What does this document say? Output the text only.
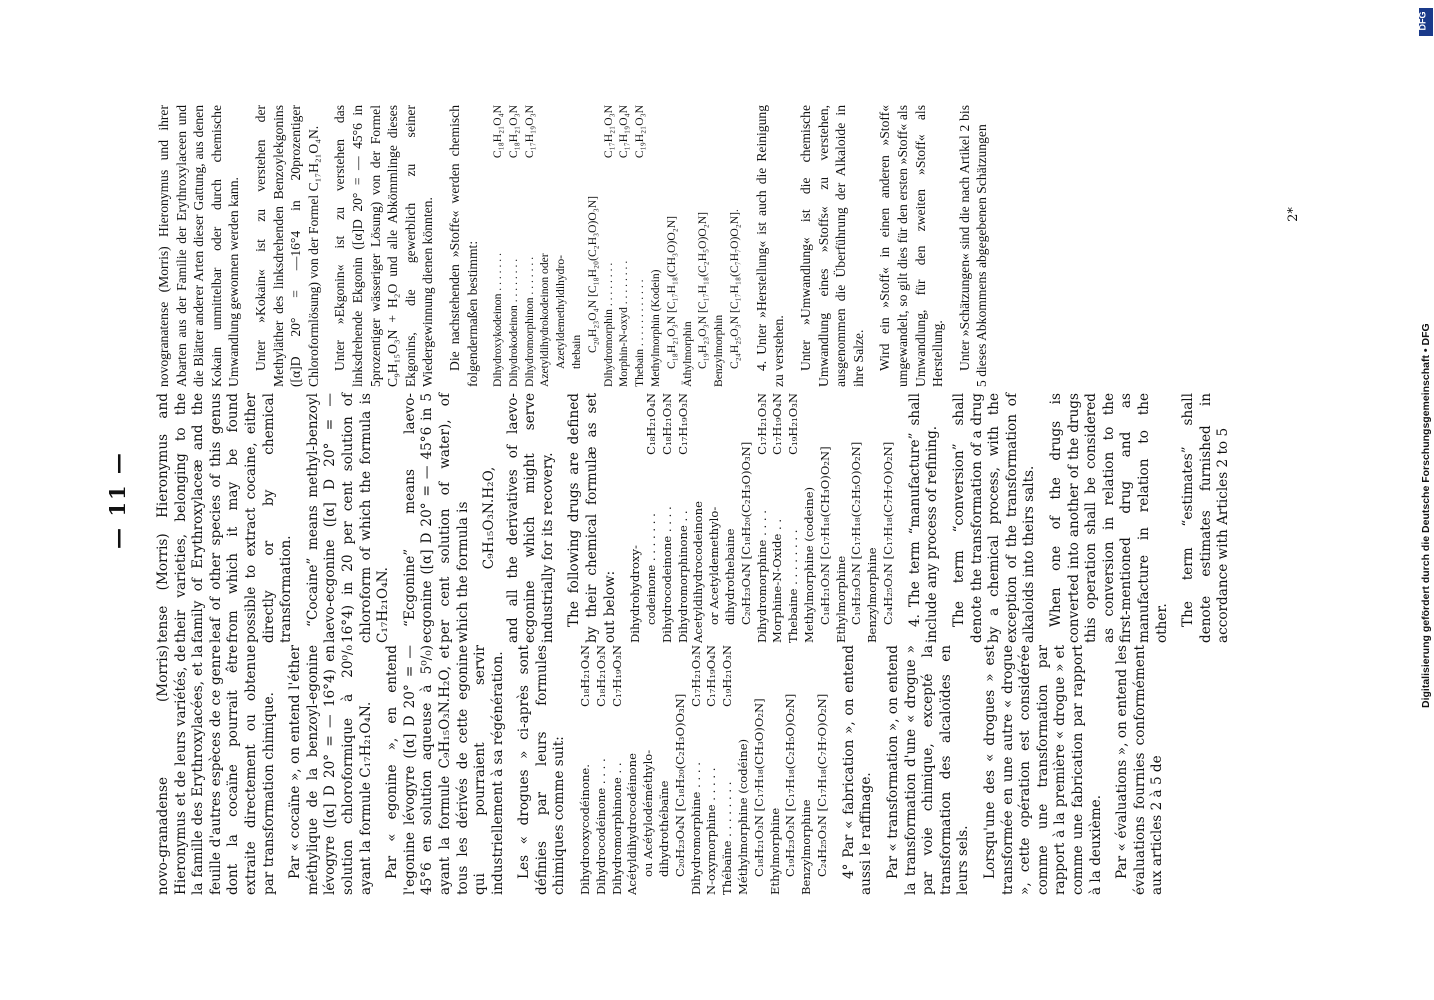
— 11 —

novo-granadense (Morris) Hieronymus et de leurs variétés, de la famille des Erythroxylacées, et la feuille d'autres espèces de ce genre dont la cocaïne pourrait être extraite directement ou obtenue par transformation chimique. Par « cocaïne », on entend l'éther méthylique de la benzoyl-egonine lévogyre ([α] D 20° = — 16°4) en solution chloroformique à 20⁰/₀ ayant la formule C₁₇H₂₁O₄N. Par « egonine », en entend l'egonine lévogyre ([α] D 20° = — 45°6 en solution aqueuse à 5⁰/₀) ayant la formule C₉H₁₅O₃N.H₂O, et tous les dérivés de cette egonine qui pourraient servir industriellement à sa régénération. Les « drogues » ci-après sont définies par leurs formules chimiques comme suit: Dihydrooxycodéinone.
C₁₈H₂₁O₄N
Dihydrocodéinone . . . .
C₁₈H₂₁O₃N
Dihydromorphinone . .
C₁₇H₁₉O₃N
Acétyldihydrocodéinone ou Acétylodéméthylo- dihydrothébaïne C₂₀H₂₃O₄N [C₁₈H₂₀(C₂H₃O)O₃N] Dihydromorphine . . . .
C₁₇H₂₁O₃N
N-oxymorphine . . . . .
C₁₇H₁₉O₄N
Thébaïne . . . . . . . .
C₁₉H₂₁O₃N
Méthylmorphine (codéine) C₁₈H₂₁O₃N [C₁₇H₁₈(CH₃O)O₂N] Ethylmorphine C₁₉H₂₃O₃N [C₁₇H₁₈(C₂H₅O)O₂N] Benzylmorphine C₂₄H₂₅O₃N [C₁₇H₁₈(C₇H₇O)O₂N] 4° Par « fabrication », on entend aussi le raffinage. Par « transformation », on entend la transformation d'une « drogue » par voie chimique, excepté la transformation des alcaloïdes en leurs sels. Lorsqu'une des « drogues » est transformée en une autre « drogue », cette opération est considérée comme une transformation par rapport à la première « drogue » et comme une fabrication par rapport à la deuxième. Par « évaluations », on entend les évaluations fournies conformément aux articles 2 à 5 de

tense (Morris) Hieronymus and their varieties, belonging to the family of Erythroxylaceæ and the leaf of other species of this genus from which it may be found possible to extract cocaine, either directly or by chemical transformation. “Cocaine” means methyl-benzoyl laevo-ecgonine ([α] D 20° = — 16°4) in 20 per cent solution of chloroform of which the formula is C₁₇H₂₁O₄N. “Ecgonine” means laevo-ecgonine ([α] D 20° = — 45°6 in 5 per cent solution of water), of which the formula is C₉H₁₅O₃N.H₂O, and all the derivatives of laevo-ecgonine which might serve industrially for its recovery. The following drugs are defined by their chemical formulæ as set out below: Dihydrohydroxy- codeinone . . . . . . .
C₁₈H₂₁O₄N
Dihydrocodeinone . . . .
C₁₈H₂₁O₃N
Dihydromorphinone . .
C₁₇H₁₉O₃N
Acetyldihydrocodeinone or Acetyldemethylo- dihydrothebaine C₂₀H₂₃O₄N [C₁₈H₂₀(C₂H₃O)O₃N] Dihydromorphine . . . .
C₁₇H₂₁O₃N
Morphine-N-Oxide . .
C₁₇H₁₉O₄N
Thebaine . . . . . . . .
C₁₉H₂₁O₃N
Methylmorphine (codeine) C₁₈H₂₁O₃N [C₁₇H₁₈(CH₃O)O₂N] Ethylmorphine C₁₉H₂₃O₃N [C₁₇H₁₈(C₂H₅O)O₂N] Benzylmorphine C₂₄H₂₅O₃N [C₁₇H₁₈(C₇H₇O)O₂N] 4. The term “manufacture” shall include any process of refining. The term “conversion” shall denote the transformation of a drug by a chemical process, with the exception of the transformation of alkaloids into theirs salts. When one of the drugs is converted into another of the drugs this operation shall be considered as conversion in relation to the first-mentioned drug and as manufacture in relation to the other. The term “estimates” shall denote estimates furnished in accordance with Articles 2 to 5

novogranatense (Morris) Hieronymus und ihrer Abarten aus der Familie der Erythroxylaceen und die Blätter anderer Arten dieser Gattung, aus denen Kokain unmittelbar oder durch chemische Umwandlung gewonnen werden kann. Unter »Kokain« ist zu verstehen der Methyläther des linksdrehenden Benzoylekgonins ([α]D 20° = —16°4 in 20prozentiger Chloroformlösung) von der Formel C₁₇H₂₁O₄N. Unter »Ekgonin« ist zu verstehen das linksdrehende Ekgonin ([α]D 20° = — 45°6 in 5prozentiger wässeriger Lösung) von der Formel C₉H₁₅O₃N + H₂O und alle Abkömmlinge dieses Ekgonins, die gewerblich zu seiner Wiedergewinnung dienen könnten. Die nachstehenden »Stoffe« werden chemisch folgendermaßen bestimmt: Dihydroxykodeinon . . . . . . .
C₁₈H₂₁O₄N
Dihydrokodeinon . . . . . . . .
C₁₈H₂₁O₃N
Dihydromorphinon . . . . . . .
C₁₇H₁₉O₃N
Azetyldihydrokodeinon oder Azetyldemethyldihydro- thebain C₂₀H₂₃O₄N [C₁₈H₂₀(C₂H₃O)O₃N] Dihydromorphin . . . . . . . .
C₁₇H₂₁O₃N
Morphin-N-oxyd . . . . . . . .
C₁₇H₁₉O₄N
Thebain . . . . . . . . . . . .
C₁₉H₂₁O₃N
Methylmorphin (Kodein) C₁₈H₂₁O₃N [C₁₇H₁₈(CH₃O)O₂N] Äthylmorphin C₁₉H₂₃O₃N [C₁₇H₁₈(C₂H₅O)O₂N] Benzylmorphin C₂₄H₂₅O₃N [C₁₇H₁₈(C₇H₇O)O₂N]. 4. Unter »Herstellung« ist auch die Reinigung zu verstehen. Unter »Umwandlung« ist die chemische Umwandlung eines »Stoffs« zu verstehen, ausgenommen die Überführung der Alkaloide in ihre Salze. Wird ein »Stoff« in einen anderen »Stoff« umgewandelt, so gilt dies für den ersten »Stoff« als Umwandlung, für den zweiten »Stoff« als Herstellung. Unter »Schätzungen« sind die nach Artikel 2 bis 5 dieses Abkommens abgegebenen Schätzungen	2*
DFG
Digitalisierung gefördert durch die Deutsche Forschungsgemeinschaft • DFG
